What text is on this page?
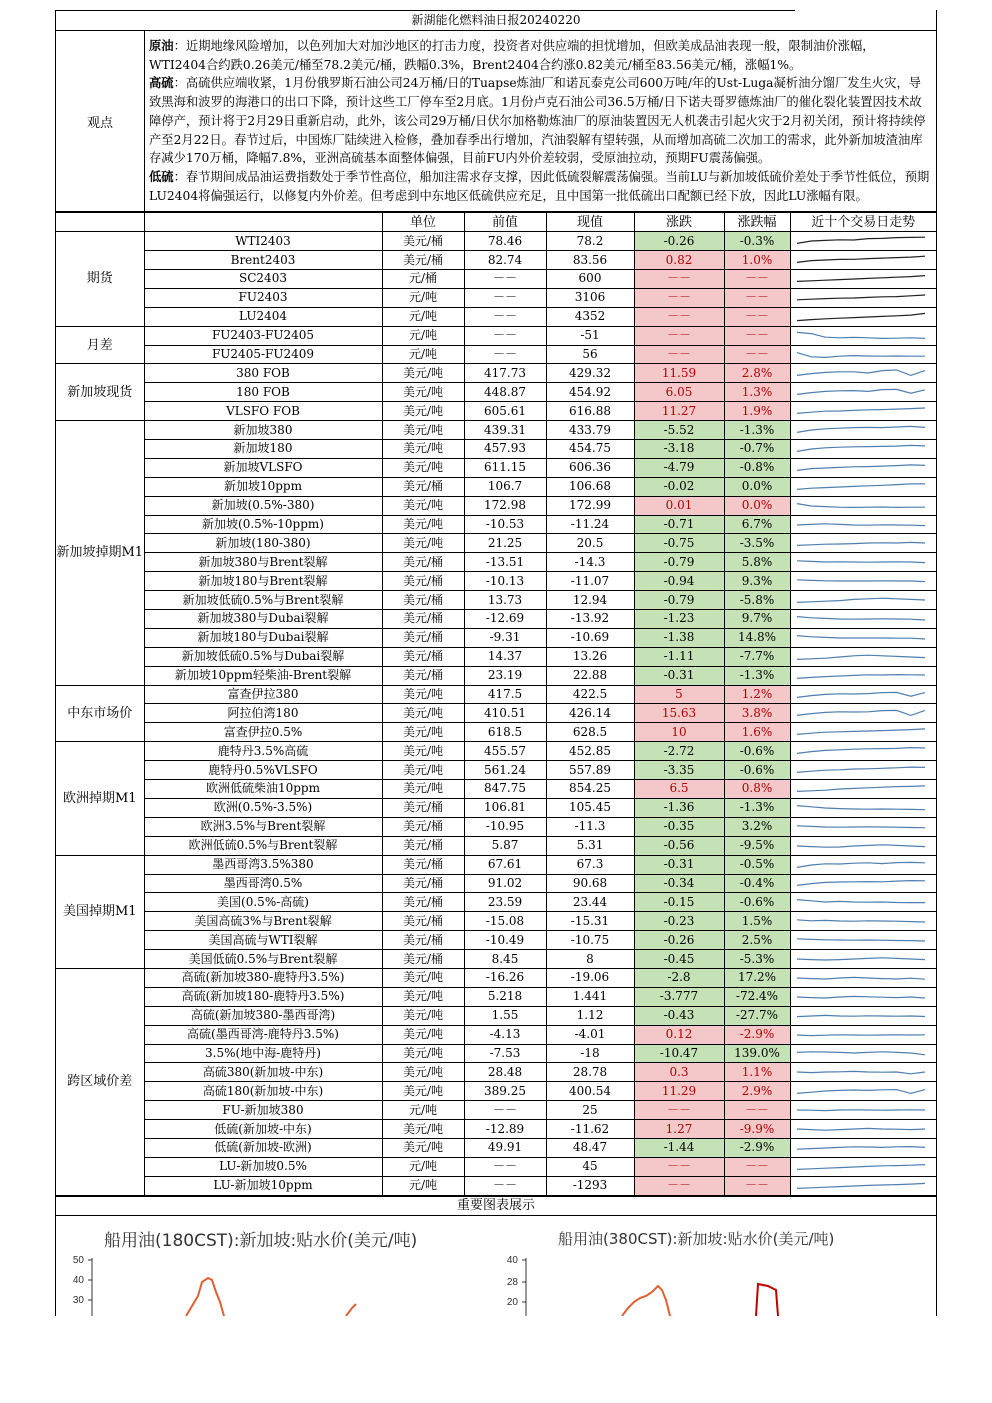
新湖能化燃料油日报20240220
观点

原油：近期地缘风险增加，以色列加大对加沙地区的打击力度，投资者对供应端的担忧增加，但欧美成品油表现一般，限制油价涨幅，WTI2404合约跌0.26美元/桶至78.2美元/桶，跌幅0.3%，Brent2404合约涨0.82美元/桶至83.56美元/桶，涨幅1%。

高硫：高硫供应端收紧，1月份俄罗斯石油公司24万桶/日的Tuapse炼油厂和诺瓦泰克公司600万吨/年的Ust-Luga凝析油分馏厂发生火灾，导致黑海和波罗的海港口的出口下降，预计这些工厂停车至2月底。1月份卢克石油公司36.5万桶/日下诺夫哥罗德炼油厂的催化裂化装置因技术故障停产，预计将于2月29日重新启动，此外，该公司29万桶/日伏尔加格勒炼油厂的原油装置因无人机袭击引起火灾于2月初关闭，预计将持续停产至2月22日。春节过后，中国炼厂陆续进入检修，叠加春季出行增加，汽油裂解有望转强，从而增加高硫二次加工的需求，此外新加坡渣油库存减少170万桶，降幅7.8%，亚洲高硫基本面整体偏强，目前FU内外价差较弱，受原油拉动，预期FU震荡偏强。

低硫：春节期间成品油运费指数处于季节性高位，船加注需求存支撑，因此低硫裂解震荡偏强。当前LU与新加坡低硫价差处于季节性低位，预期LU2404将偏强运行，以修复内外价差。但考虑到中东地区低硫供应充足，且中国第一批低硫出口配额已经下放，因此LU涨幅有限。

		单位	前值	现值	涨跌	涨跌幅	近十个交易日走势
期货	WTI2403	美元/桶	78.46	78.2	-0.26	-0.3%	

	Brent2403	美元/桶	82.74	83.56	0.82	1.0%	

	SC2403	元/桶	－－	600	－－	－－	

	FU2403	元/吨	－－	3106	－－	－－	

	LU2404	元/吨	－－	4352	－－	－－	

月差	FU2403-FU2405	元/吨	－－	-51	－－	－－	

	FU2405-FU2409	元/吨	－－	56	－－	－－	

新加坡现货	380 FOB	美元/吨	417.73	429.32	11.59	2.8%	

	180 FOB	美元/吨	448.87	454.92	6.05	1.3%	

	VLSFO FOB	美元/吨	605.61	616.88	11.27	1.9%	

新加坡掉期M1	新加坡380	美元/吨	439.31	433.79	-5.52	-1.3%	

	新加坡180	美元/吨	457.93	454.75	-3.18	-0.7%	

	新加坡VLSFO	美元/吨	611.15	606.36	-4.79	-0.8%	

	新加坡10ppm	美元/桶	106.7	106.68	-0.02	0.0%	

	新加坡(0.5%-380)	美元/吨	172.98	172.99	0.01	0.0%	

	新加坡(0.5%-10ppm)	美元/吨	-10.53	-11.24	-0.71	6.7%	

	新加坡(180-380)	美元/吨	21.25	20.5	-0.75	-3.5%	

	新加坡380与Brent裂解	美元/桶	-13.51	-14.3	-0.79	5.8%	

	新加坡180与Brent裂解	美元/桶	-10.13	-11.07	-0.94	9.3%	

	新加坡低硫0.5%与Brent裂解	美元/桶	13.73	12.94	-0.79	-5.8%	

	新加坡380与Dubai裂解	美元/桶	-12.69	-13.92	-1.23	9.7%	

	新加坡180与Dubai裂解	美元/桶	-9.31	-10.69	-1.38	14.8%	

	新加坡低硫0.5%与Dubai裂解	美元/桶	14.37	13.26	-1.11	-7.7%	

	新加坡10ppm轻柴油-Brent裂解	美元/桶	23.19	22.88	-0.31	-1.3%	

中东市场价	富查伊拉380	美元/吨	417.5	422.5	5	1.2%	

	阿拉伯湾180	美元/吨	410.51	426.14	15.63	3.8%	

	富查伊拉0.5%	美元/吨	618.5	628.5	10	1.6%	

欧洲掉期M1	鹿特丹3.5%高硫	美元/吨	455.57	452.85	-2.72	-0.6%	

	鹿特丹0.5%VLSFO	美元/吨	561.24	557.89	-3.35	-0.6%	

	欧洲低硫柴油10ppm	美元/吨	847.75	854.25	6.5	0.8%	

	欧洲(0.5%-3.5%)	美元/桶	106.81	105.45	-1.36	-1.3%	

	欧洲3.5%与Brent裂解	美元/桶	-10.95	-11.3	-0.35	3.2%	

	欧洲低硫0.5%与Brent裂解	美元/桶	5.87	5.31	-0.56	-9.5%	

美国掉期M1	墨西哥湾3.5%380	美元/桶	67.61	67.3	-0.31	-0.5%	

	墨西哥湾0.5%	美元/桶	91.02	90.68	-0.34	-0.4%	

	美国(0.5%-高硫)	美元/桶	23.59	23.44	-0.15	-0.6%	

	美国高硫3%与Brent裂解	美元/桶	-15.08	-15.31	-0.23	1.5%	

	美国高硫与WTI裂解	美元/桶	-10.49	-10.75	-0.26	2.5%	

	美国低硫0.5%与Brent裂解	美元/桶	8.45	8	-0.45	-5.3%	

跨区域价差	高硫(新加坡380-鹿特丹3.5%)	美元/吨	-16.26	-19.06	-2.8	17.2%	

	高硫(新加坡180-鹿特丹3.5%)	美元/吨	5.218	1.441	-3.777	-72.4%	

	高硫(新加坡380-墨西哥湾)	美元/吨	1.55	1.12	-0.43	-27.7%	

	高硫(墨西哥湾-鹿特丹3.5%)	美元/吨	-4.13	-4.01	0.12	-2.9%	

	3.5%(地中海-鹿特丹)	美元/吨	-7.53	-18	-10.47	139.0%	

	高硫380(新加坡-中东)	美元/吨	28.48	28.78	0.3	1.1%	

	高硫180(新加坡-中东)	美元/吨	389.25	400.54	11.29	2.9%	

	FU-新加坡380	元/吨	－－	25	－－	－－	

	低硫(新加坡-中东)	美元/吨	-12.89	-11.62	1.27	-9.9%	

	低硫(新加坡-欧洲)	美元/吨	49.91	48.47	-1.44	-2.9%	

	LU-新加坡0.5%	元/吨	－－	45	－－	－－	

	LU-新加坡10ppm	元/吨	－－	-1293	－－	－－	
重要图表展示
船用油(180CST):新加坡:贴水价(美元/吨)	船用油(380CST):新加坡:贴水价(美元/吨)
50
40
30
40
28
20
